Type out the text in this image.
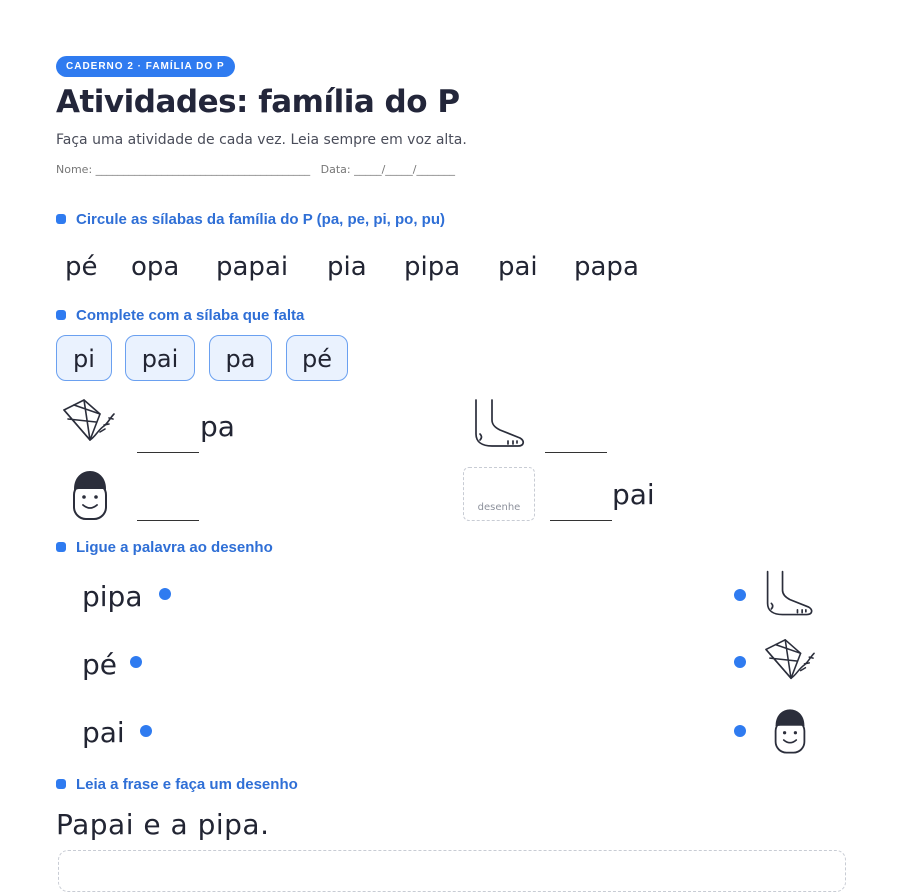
CADERNO 2 · FAMÍLIA DO P
Atividades: família do P
Faça uma atividade de cada vez. Leia sempre em voz alta.
Nome: _______________________________________   Data: _____/_____/_______
Circule as sílabas da família do P (pa, pe, pi, po, pu)
pé opa papai pia pipa pai papa
Complete com a sílaba que falta
pi	pai	pa	pé
pa
desenhe	pai
Ligue a palavra ao desenho
pipa
pé
pai
Leia a frase e faça um desenho
Papai e a pipa.
